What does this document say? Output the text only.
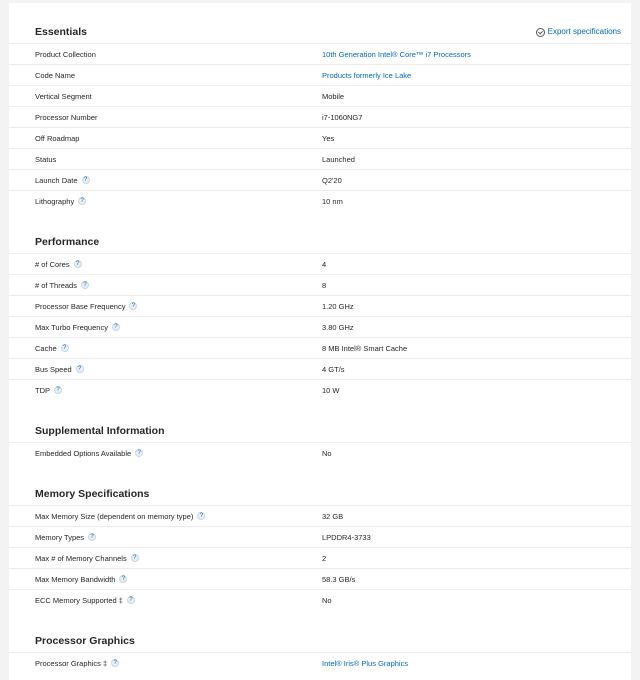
Essentials	Export specifications
Product Collection	10th Generation Intel® Core™ i7 Processors
Code Name	Products formerly Ice Lake
Vertical Segment	Mobile
Processor Number	i7-1060NG7
Off Roadmap	Yes
Status	Launched
Launch Date ?	Q2'20
Lithography ?	10 nm
Performance
# of Cores ?	4
# of Threads ?	8
Processor Base Frequency ?	1.20 GHz
Max Turbo Frequency ?	3.80 GHz
Cache ?	8 MB Intel® Smart Cache
Bus Speed ?	4 GT/s
TDP ?	10 W
Supplemental Information
Embedded Options Available ?	No
Memory Specifications
Max Memory Size (dependent on memory type) ?	32 GB
Memory Types ?	LPDDR4-3733
Max # of Memory Channels ?	2
Max Memory Bandwidth ?	58.3 GB/s
ECC Memory Supported ‡ ?	No
Processor Graphics
Processor Graphics ‡ ?	Intel® Iris® Plus Graphics
